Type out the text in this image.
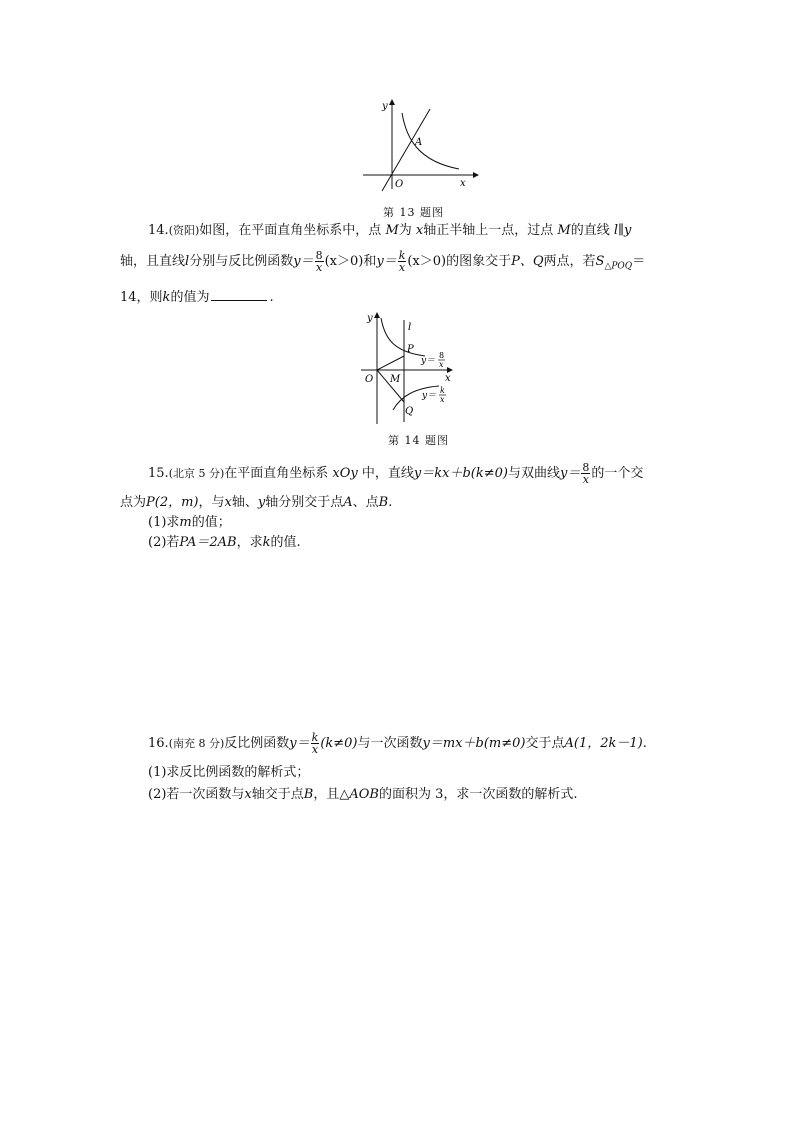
y
x
O
A
第 13 题图
14.(资阳)如图，在平面直角坐标系中，点 M为 x轴正半轴上一点，过点 M的直线 l∥y
轴，且直线l分别与反比例函数$y= \frac{8}{x} (x>0)$和$y= \frac{k}{x} (x>0)$的图象交于P、Q两点，若$S_{\triangle POQ}=$
14，则k的值为	.
y
x
O
l
P
M
Q
y＝
8
x
y＝
k
x
第 14 题图
15.(北京 5 分)在平面直角坐标系 xOy 中，直线y＝kx＋b(k≠0)与双曲线$y= \frac{8}{x}$ 的一个交
点为P(2，m)，与x轴、y轴分别交于点A、点B.
(1)求m的值；
(2)若PA＝2AB，求k的值.
16.(南充 8 分)反比例函数$y= \frac{k}{x} (k\ne 0)$与一次函数y＝mx＋b(m≠0)交于点A(1，2k－1).
(1)求反比例函数的解析式；
(2)若一次函数与x轴交于点B，且△AOB的面积为 3，求一次函数的解析式.
